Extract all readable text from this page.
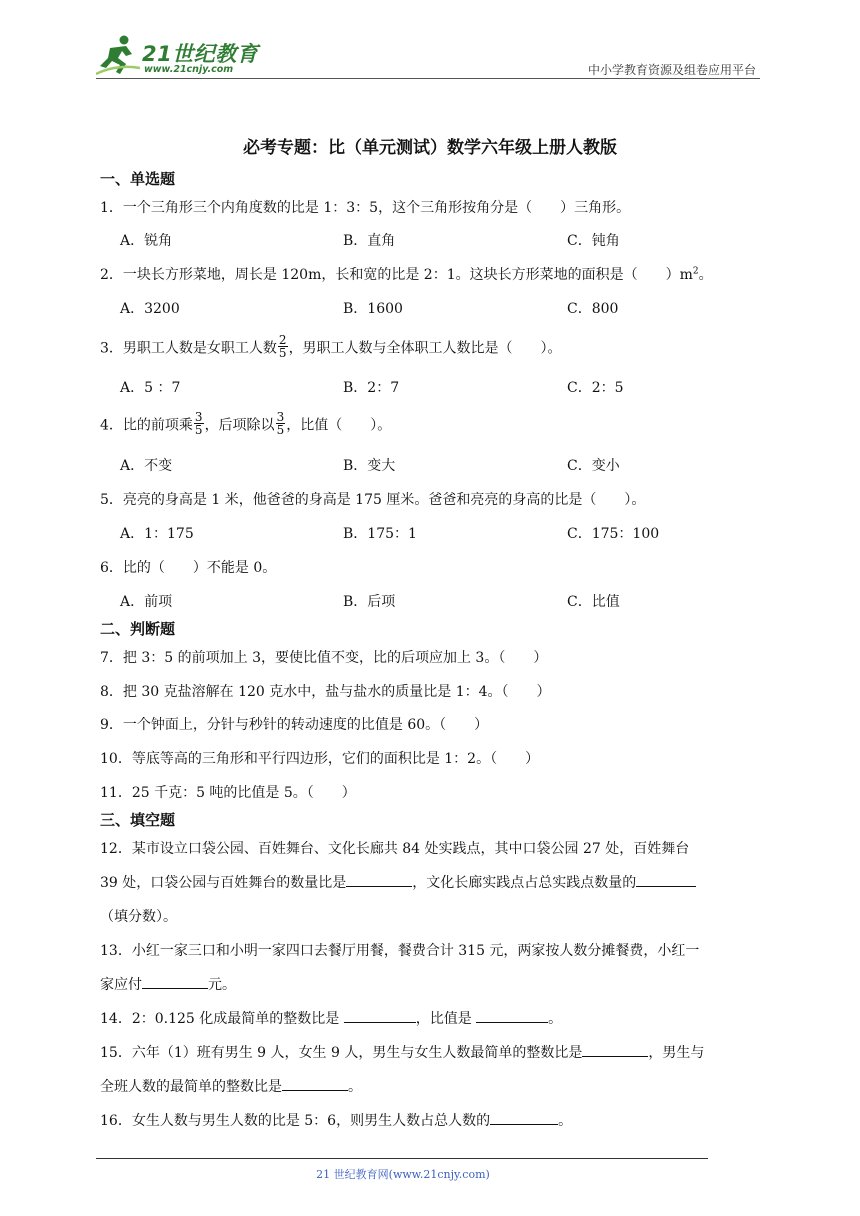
21世纪教育
www.21cnjy.com	中小学教育资源及组卷应用平台
必考专题：比（单元测试）数学六年级上册人教版
一、单选题
1．一个三角形三个内角度数的比是 1：3：5，这个三角形按角分是（　　）三角形。
A．锐角	B．直角	C．钝角
2．一块长方形菜地，周长是 120m，长和宽的比是 2：1。这块长方形菜地的面积是（　　）$m^2$。
A．3200	B．1600	C．800
3．男职工人数是女职工人数 $\frac{2}{5}$ ，男职工人数与全体职工人数比是（　　）。
A．5 ：7	B．2：7	C．2：5
4．比的前项乘 $\frac{3}{5}$ ，后项除以 $\frac{3}{5}$ ，比值（　　）。
A．不变	B．变大	C．变小
5．亮亮的身高是 1 米，他爸爸的身高是 175 厘米。爸爸和亮亮的身高的比是（　　）。
A．1：175	B．175：1	C．175：100
6．比的（　　）不能是 0。
A．前项	B．后项	C．比值
二、判断题
7．把 3：5 的前项加上 3，要使比值不变，比的后项应加上 3。（　　）
8．把 30 克盐溶解在 120 克水中，盐与盐水的质量比是 1：4。（　　）
9．一个钟面上，分针与秒针的转动速度的比值是 60。（　　）
10．等底等高的三角形和平行四边形，它们的面积比是 1：2。（　　）
11．25 千克：5 吨的比值是 5。（　　）
三、填空题
12．某市设立口袋公园、百姓舞台、文化长廊共 84 处实践点，其中口袋公园 27 处，百姓舞台
39 处，口袋公园与百姓舞台的数量比是	，文化长廊实践点占总实践点数量的
（填分数）。
13．小红一家三口和小明一家四口去餐厅用餐，餐费合计 315 元，两家按人数分摊餐费，小红一
家应付	元。
14．2：0.125 化成最简单的整数比是	，比值是	。
15．六年（1）班有男生 9 人，女生 9 人，男生与女生人数最简单的整数比是	，男生与
全班人数的最简单的整数比是	。
16．女生人数与男生人数的比是 5：6，则男生人数占总人数的	。
21 世纪教育网(www.21cnjy.com)
